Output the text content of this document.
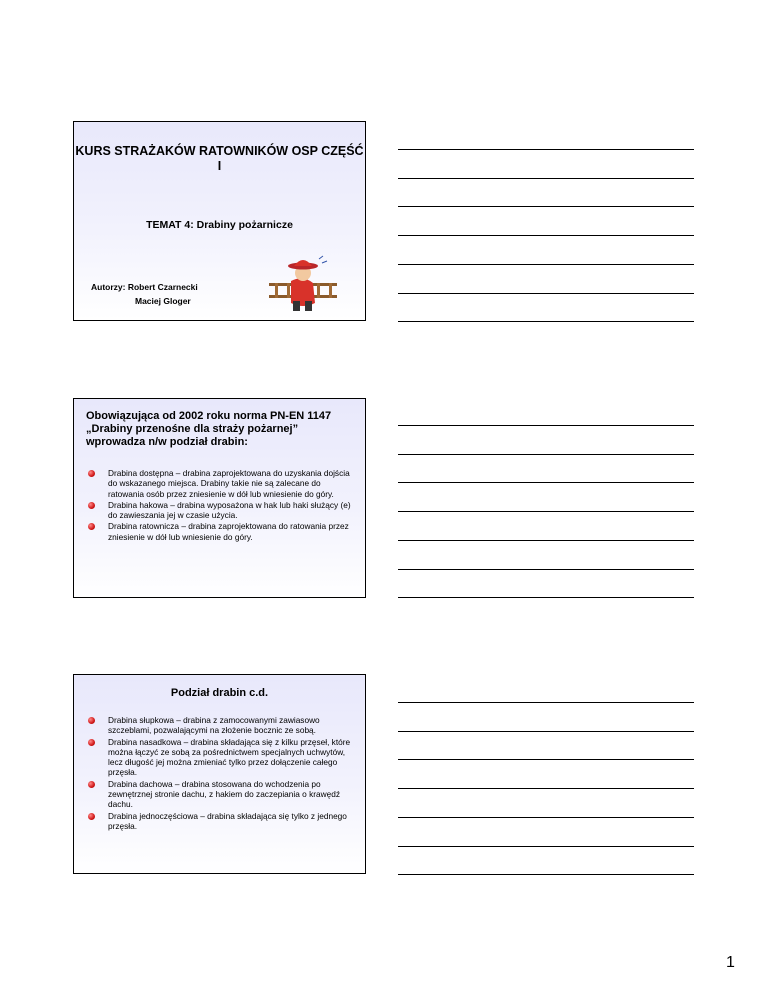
KURS STRAŻAKÓW RATOWNIKÓW OSP CZĘŚĆ I
TEMAT 4: Drabiny pożarnicze
Autorzy: Robert Czarnecki
Maciej Gloger
Obowiązująca od 2002 roku norma PN-EN 1147 „Drabiny przenośne dla straży pożarnej” wprowadza n/w podział drabin:
Drabina dostępna – drabina zaprojektowana do uzyskania dojścia do wskazanego miejsca. Drabiny takie nie są zalecane do ratowania osób przez zniesienie w dół lub wniesienie do góry.
Drabina hakowa – drabina wyposażona w hak lub haki służący (e) do zawieszania jej w czasie użycia.
Drabina ratownicza – drabina zaprojektowana do ratowania przez zniesienie w dół lub wniesienie do góry.
Podział drabin c.d.
Drabina słupkowa – drabina z zamocowanymi zawiasowo szczeblami, pozwalającymi na złożenie bocznic ze sobą.
Drabina nasadkowa – drabina składająca się z kilku przęseł, które można łączyć ze sobą za pośrednictwem specjalnych uchwytów, lecz długość jej można zmieniać tylko przez dołączenie całego przęsła.
Drabina dachowa – drabina stosowana do wchodzenia po zewnętrznej stronie dachu, z hakiem do zaczepiania o krawędź dachu.
Drabina jednoczęściowa – drabina składająca się tylko z jednego przęsła.
1
